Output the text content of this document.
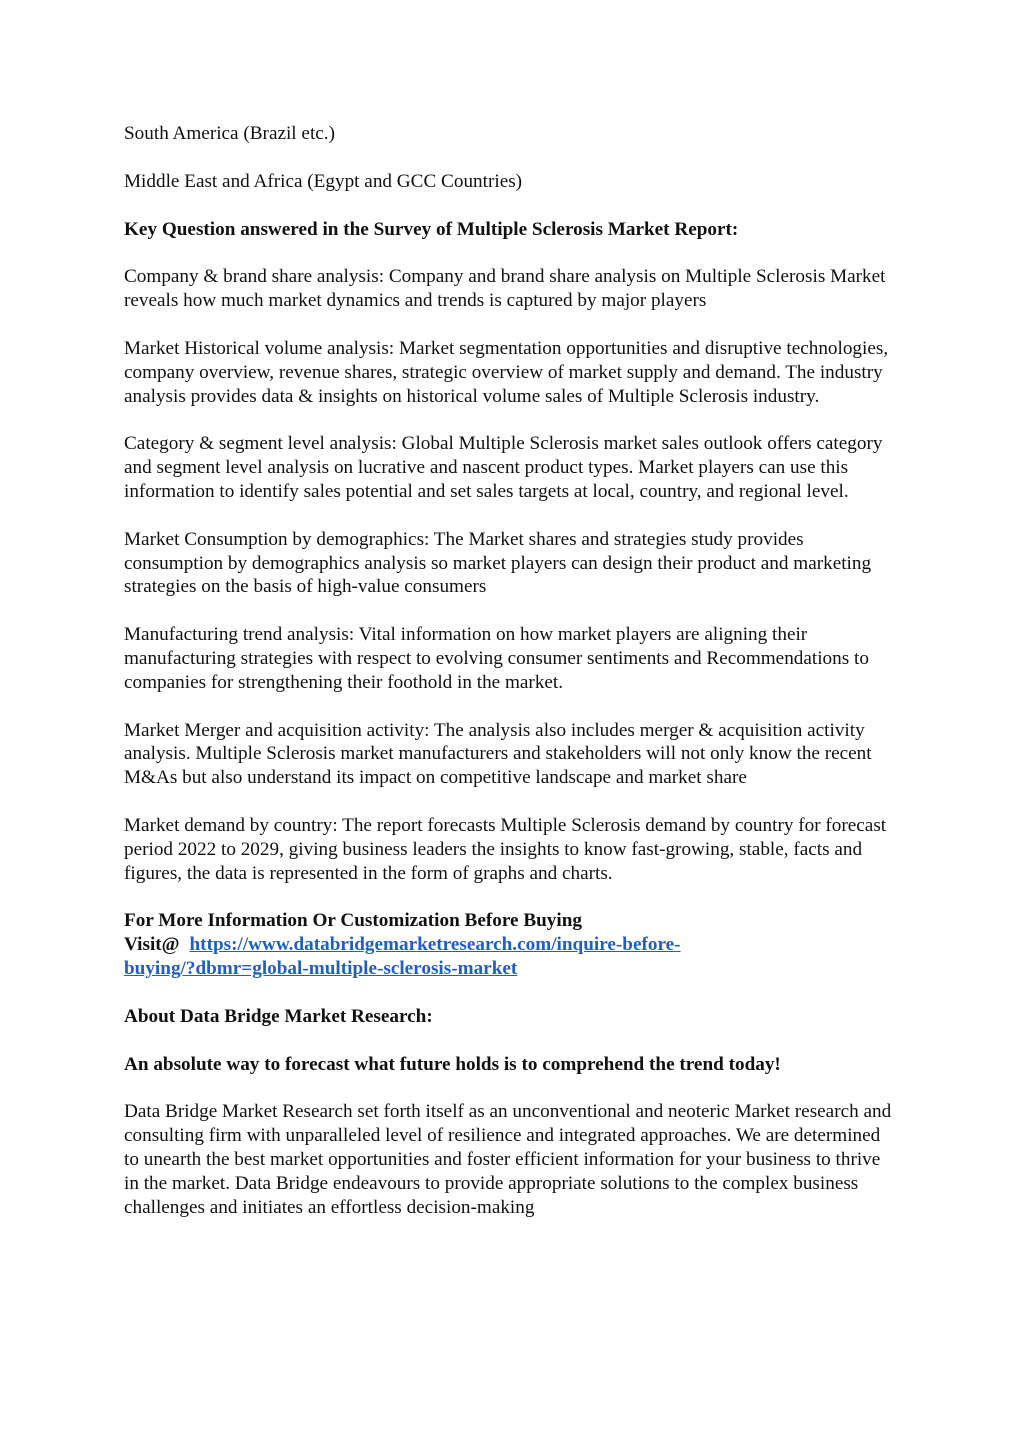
South America (Brazil etc.)

Middle East and Africa (Egypt and GCC Countries)

Key Question answered in the Survey of Multiple Sclerosis Market Report:

Company & brand share analysis: Company and brand share analysis on Multiple Sclerosis Market reveals how much market dynamics and trends is captured by major players

Market Historical volume analysis: Market segmentation opportunities and disruptive technologies, company overview, revenue shares, strategic overview of market supply and demand. The industry analysis provides data & insights on historical volume sales of Multiple Sclerosis industry.

Category & segment level analysis: Global Multiple Sclerosis market sales outlook offers category and segment level analysis on lucrative and nascent product types. Market players can use this information to identify sales potential and set sales targets at local, country, and regional level.

Market Consumption by demographics: The Market shares and strategies study provides consumption by demographics analysis so market players can design their product and marketing strategies on the basis of high-value consumers

Manufacturing trend analysis: Vital information on how market players are aligning their manufacturing strategies with respect to evolving consumer sentiments and Recommendations to companies for strengthening their foothold in the market.

Market Merger and acquisition activity: The analysis also includes merger & acquisition activity analysis. Multiple Sclerosis market manufacturers and stakeholders will not only know the recent M&As but also understand its impact on competitive landscape and market share

Market demand by country: The report forecasts Multiple Sclerosis demand by country for forecast period 2022 to 2029, giving business leaders the insights to know fast-growing, stable, facts and figures, the data is represented in the form of graphs and charts.

For More Information Or Customization Before Buying
Visit@ https://www.databridgemarketresearch.com/inquire-before-
buying/?dbmr=global-multiple-sclerosis-market

About Data Bridge Market Research:

An absolute way to forecast what future holds is to comprehend the trend today!

Data Bridge Market Research set forth itself as an unconventional and neoteric Market research and consulting firm with unparalleled level of resilience and integrated approaches. We are determined to unearth the best market opportunities and foster efficient information for your business to thrive in the market. Data Bridge endeavours to provide appropriate solutions to the complex business challenges and initiates an effortless decision-making
